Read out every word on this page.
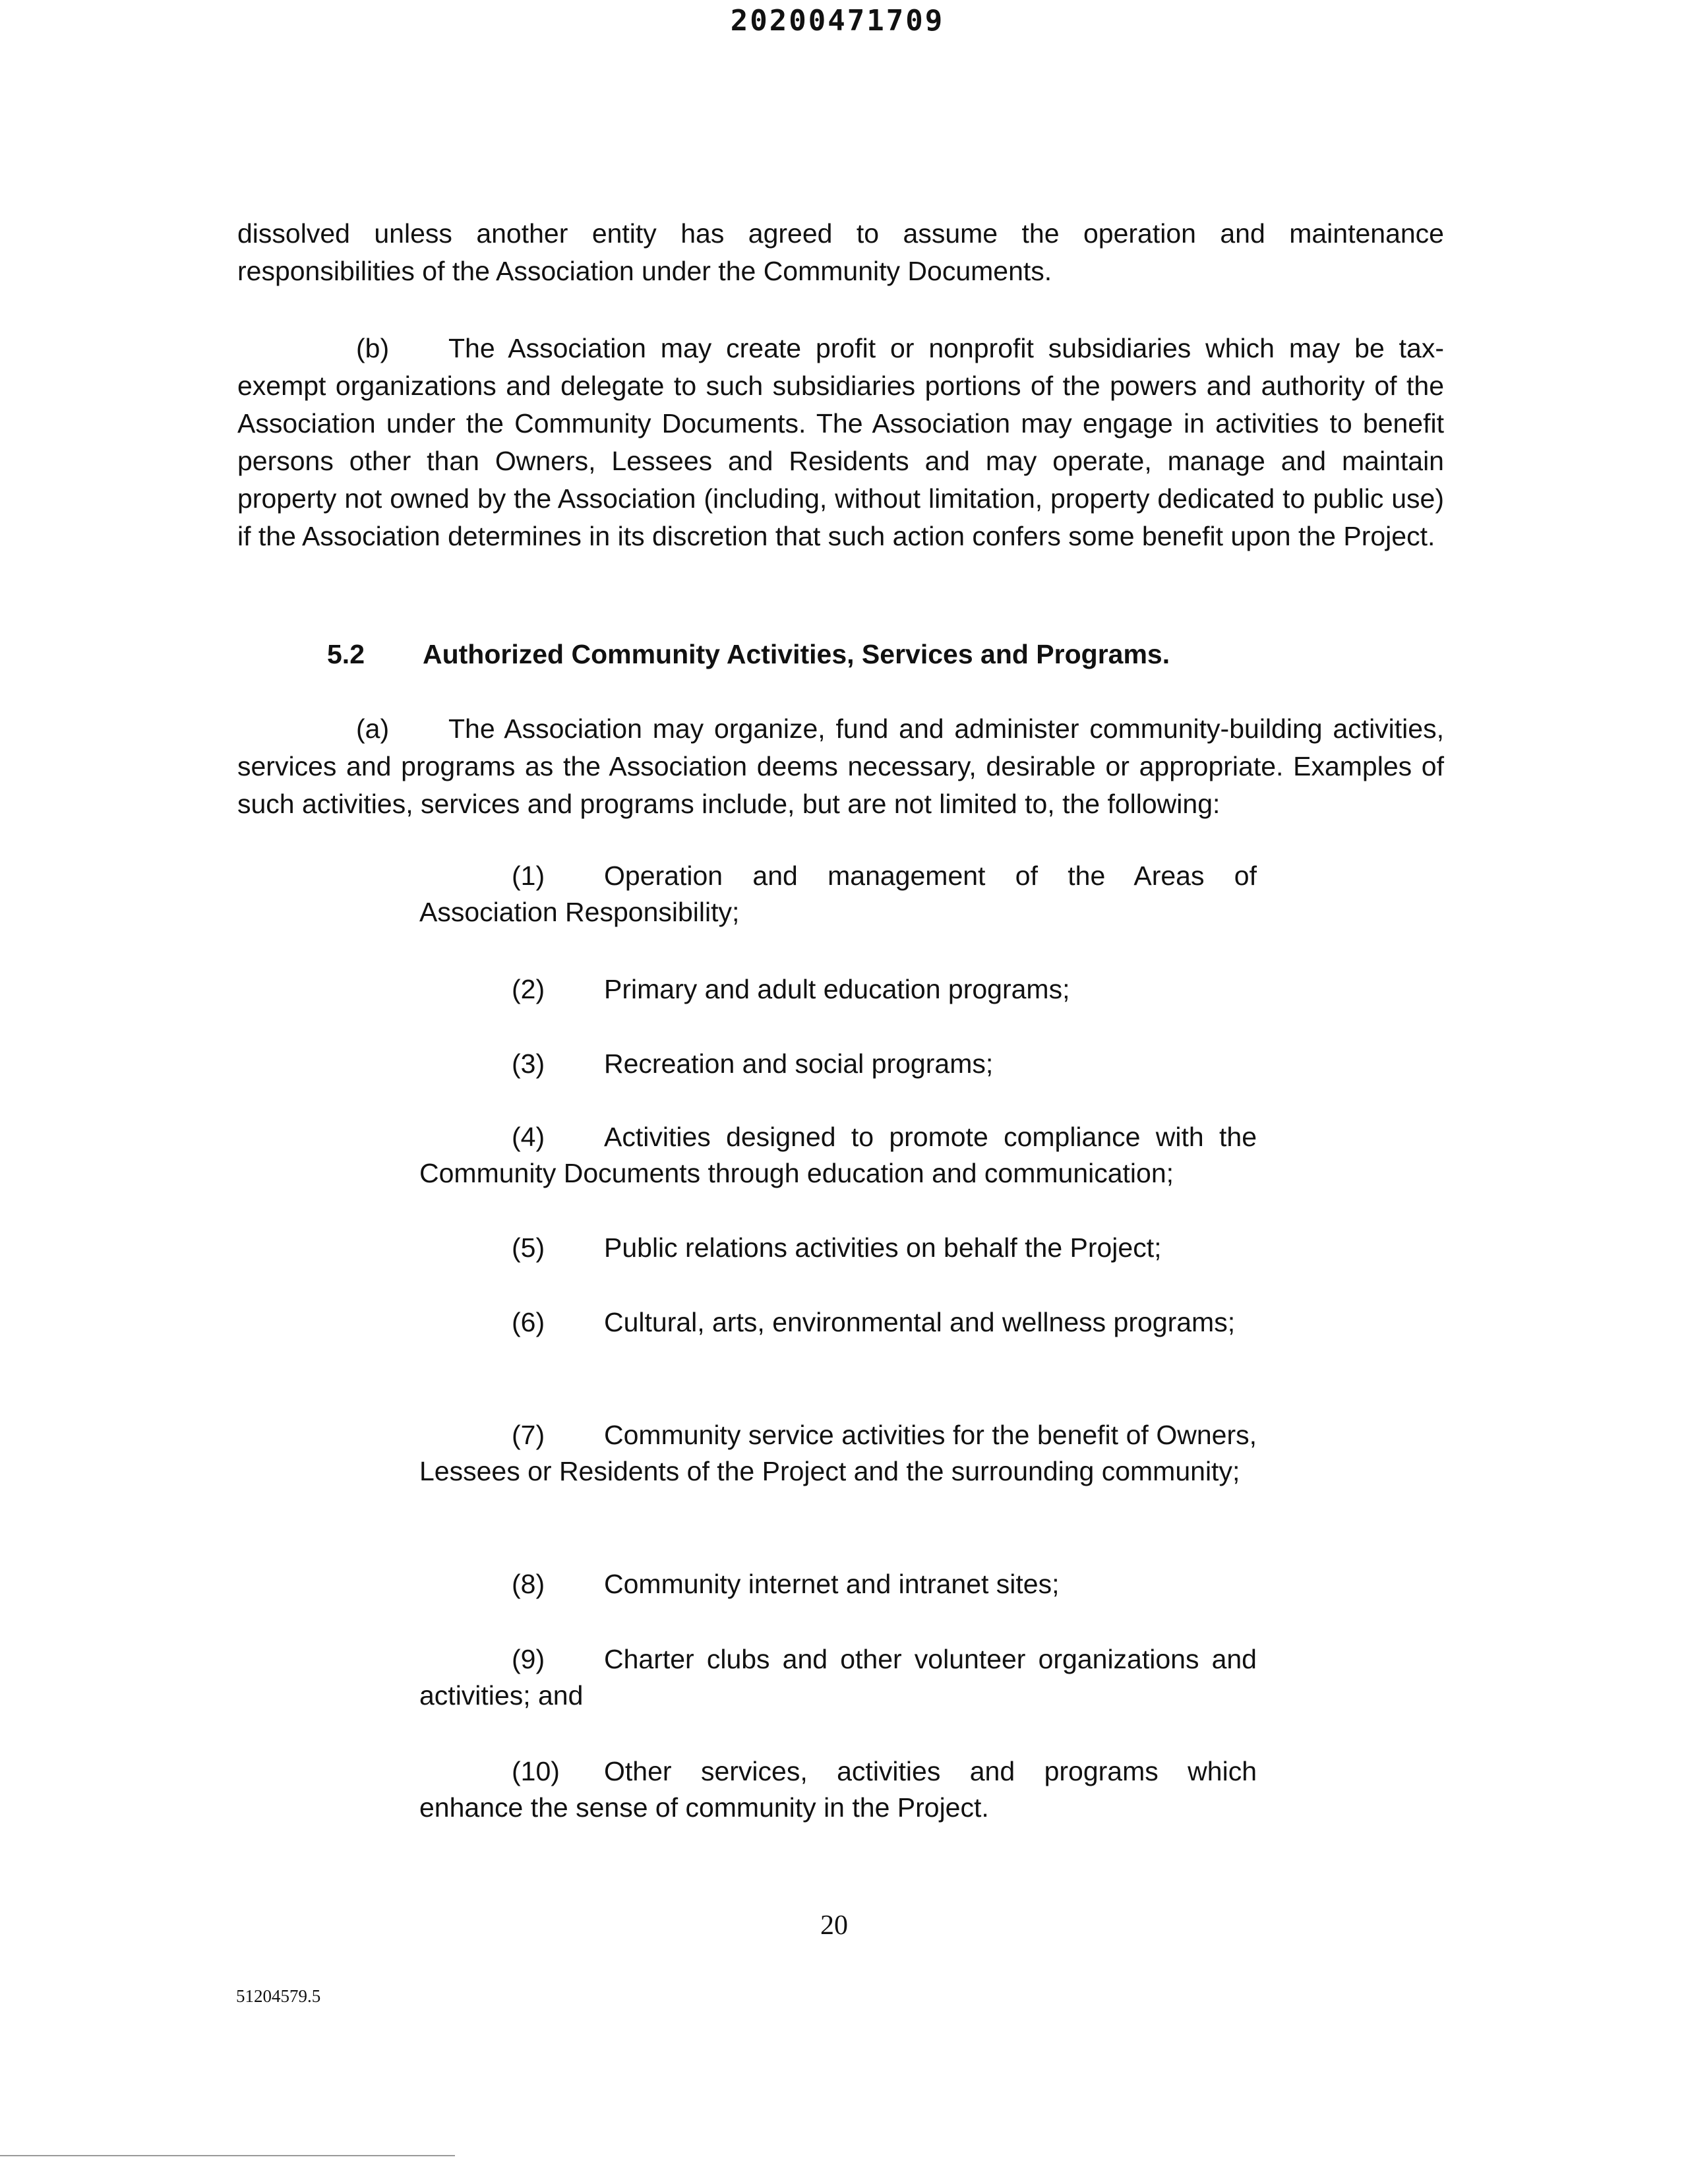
20200471709

dissolved unless another entity has agreed to assume the operation and maintenance responsibilities of the Association under the Community Documents.

(b) The Association may create profit or nonprofit subsidiaries which may be tax-exempt organizations and delegate to such subsidiaries portions of the powers and authority of the Association under the Community Documents. The Association may engage in activities to benefit persons other than Owners, Lessees and Residents and may operate, manage and maintain property not owned by the Association (including, without limitation, property dedicated to public use) if the Association determines in its discretion that such action confers some benefit upon the Project.

5.2 Authorized Community Activities, Services and Programs.

(a) The Association may organize, fund and administer community-building activities, services and programs as the Association deems necessary, desirable or appropriate. Examples of such activities, services and programs include, but are not limited to, the following:

(1) Operation and management of the Areas of Association Responsibility;

(2) Primary and adult education programs;

(3) Recreation and social programs;

(4) Activities designed to promote compliance with the Community Documents through education and communication;

(5) Public relations activities on behalf the Project;

(6) Cultural, arts, environmental and wellness programs;

(7) Community service activities for the benefit of Owners, Lessees or Residents of the Project and the surrounding community;

(8) Community internet and intranet sites;

(9) Charter clubs and other volunteer organizations and activities; and

(10) Other services, activities and programs which enhance the sense of community in the Project.

20
51204579.5
